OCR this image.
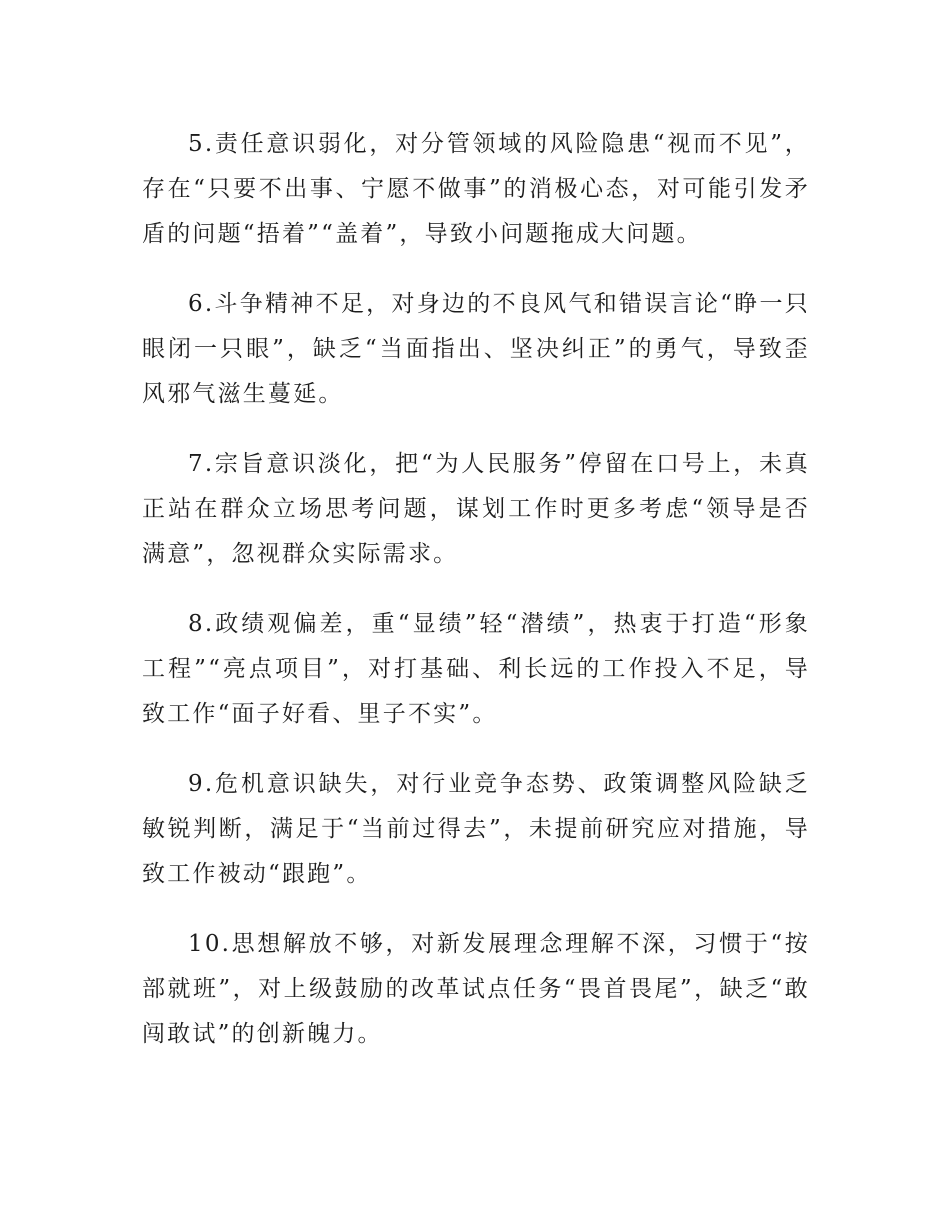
5.责任意识弱化，对分管领域的风险隐患“视而不见”，存在“只要不出事、宁愿不做事”的消极心态，对可能引发矛盾的问题“捂着”“盖着”，导致小问题拖成大问题。

6.斗争精神不足，对身边的不良风气和错误言论“睁一只眼闭一只眼”，缺乏“当面指出、坚决纠正”的勇气，导致歪风邪气滋生蔓延。

7.宗旨意识淡化，把“为人民服务”停留在口号上，未真正站在群众立场思考问题，谋划工作时更多考虑“领导是否满意”，忽视群众实际需求。

8.政绩观偏差，重“显绩”轻“潜绩”，热衷于打造“形象工程”“亮点项目”，对打基础、利长远的工作投入不足，导致工作“面子好看、里子不实”。

9.危机意识缺失，对行业竞争态势、政策调整风险缺乏敏锐判断，满足于“当前过得去”，未提前研究应对措施，导致工作被动“跟跑”。

10.思想解放不够，对新发展理念理解不深，习惯于“按部就班”，对上级鼓励的改革试点任务“畏首畏尾”，缺乏“敢闯敢试”的创新魄力。
